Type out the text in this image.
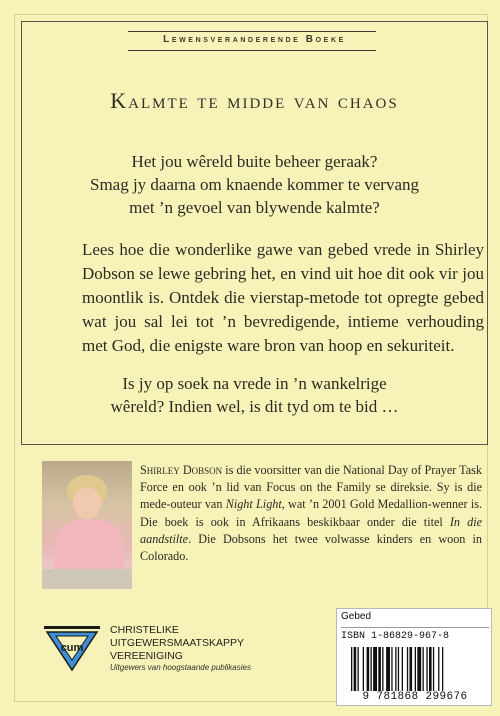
Lewensveranderende Boeke
Kalmte te midde van chaos
Het jou wêreld buite beheer geraak?
Smag jy daarna om knaende kommer te vervang
met ’n gevoel van blywende kalmte?
Lees hoe die wonderlike gawe van gebed vrede in Shirley Dobson se lewe gebring het, en vind uit hoe dit ook vir jou moontlik is. Ontdek die vierstap-metode tot opregte gebed wat jou sal lei tot ’n bevredigende, intieme verhouding met God, die enigste ware bron van hoop en sekuriteit.
Is jy op soek na vrede in ’n wankelrige
wêreld? Indien wel, is dit tyd om te bid …
Shirley Dobson is die voorsitter van die National Day of Prayer Task Force en ook ’n lid van Focus on the Family se direksie. Sy is die mede-outeur van Night Light, wat ’n 2001 Gold Medallion-wenner is. Die boek is ook in Afrikaans beskikbaar onder die titel In die aandstilte. Die Dobsons het twee volwasse kinders en woon in Colorado.
cum
CHRISTELIKE
UITGEWERSMAATSKAPPY
VEREENIGING
Uitgewers van hoogstaande publikasies
Gebed
ISBN 1-86829-967-8
9 781868 299676
